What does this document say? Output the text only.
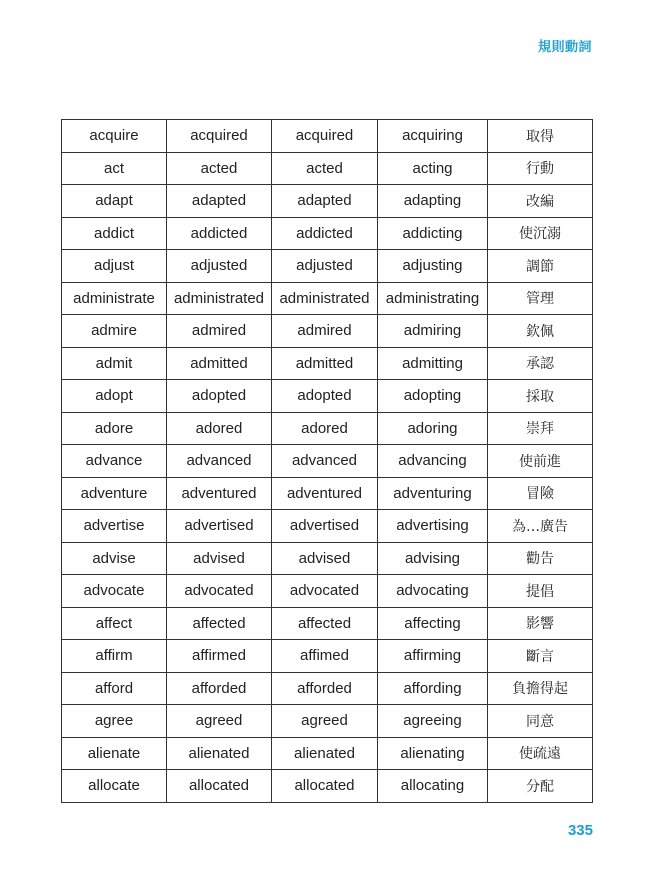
規則動詞
acquire	acquired	acquired	acquiring	取得
act	acted	acted	acting	行動
adapt	adapted	adapted	adapting	改編
addict	addicted	addicted	addicting	使沉溺
adjust	adjusted	adjusted	adjusting	調節
administrate	administrated	administrated	administrating	管理
admire	admired	admired	admiring	欽佩
admit	admitted	admitted	admitting	承認
adopt	adopted	adopted	adopting	採取
adore	adored	adored	adoring	崇拜
advance	advanced	advanced	advancing	使前進
adventure	adventured	adventured	adventuring	冒險
advertise	advertised	advertised	advertising	為…廣告
advise	advised	advised	advising	勸告
advocate	advocated	advocated	advocating	提倡
affect	affected	affected	affecting	影響
affirm	affirmed	affimed	affirming	斷言
afford	afforded	afforded	affording	負擔得起
agree	agreed	agreed	agreeing	同意
alienate	alienated	alienated	alienating	使疏遠
allocate	allocated	allocated	allocating	分配
335
